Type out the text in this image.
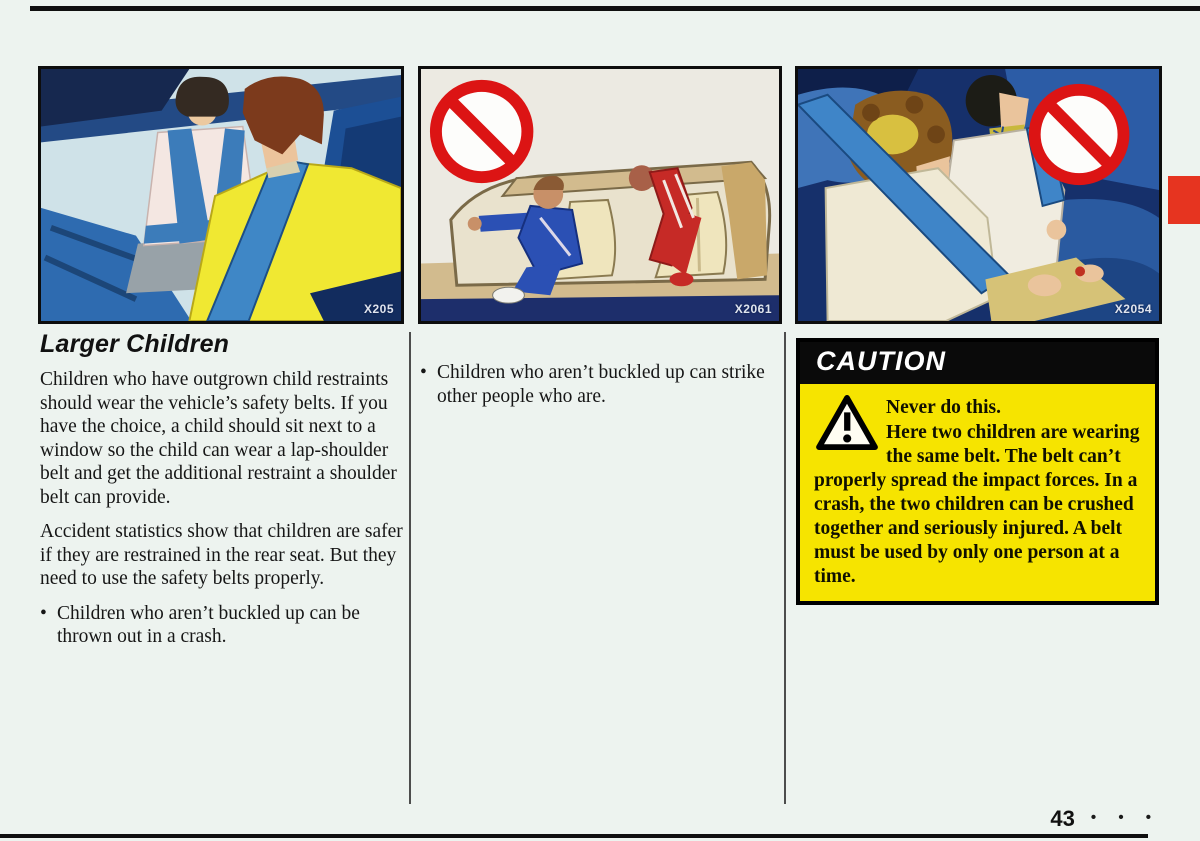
X205	X2061	X2054
Larger Children

Children who have outgrown child restraints should wear the vehicle’s safety belts. If you have the choice, a child should sit next to a window so the child can wear a lap-shoulder belt and get the additional restraint a shoulder belt can provide.

Accident statistics show that children are safer if they are restrained in the rear seat. But they need to use the safety belts properly.

• Children who aren’t buckled up can be thrown out in a crash.
• Children who aren’t buckled up can strike other people who are.
CAUTION
Never do this.
Here two children are wearing the same belt. The belt can’t properly spread the impact forces. In a crash, the two children can be crushed together and seriously injured. A belt must be used by only one person at a time.
43 • • •
